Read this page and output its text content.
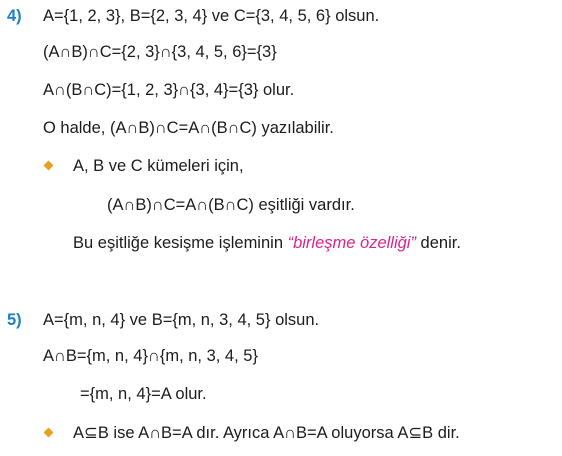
4) A={1, 2, 3}, B={2, 3, 4} ve C={3, 4, 5, 6} olsun.
(A∩B)∩C={2, 3}∩{3, 4, 5, 6}={3}
A∩(B∩C)={1, 2, 3}∩{3, 4}={3} olur.
O halde, (A∩B)∩C=A∩(B∩C) yazılabilir.
A, B ve C kümeleri için,
(A∩B)∩C=A∩(B∩C) eşitliği vardır.
Bu eşitliğe kesişme işleminin “birleşme özelliği” denir.
5) A={m, n, 4} ve B={m, n, 3, 4, 5} olsun.
A∩B={m, n, 4}∩{m, n, 3, 4, 5}
={m, n, 4}=A olur.
A⊆B ise A∩B=A dır. Ayrıca A∩B=A oluyorsa A⊆B dir.
